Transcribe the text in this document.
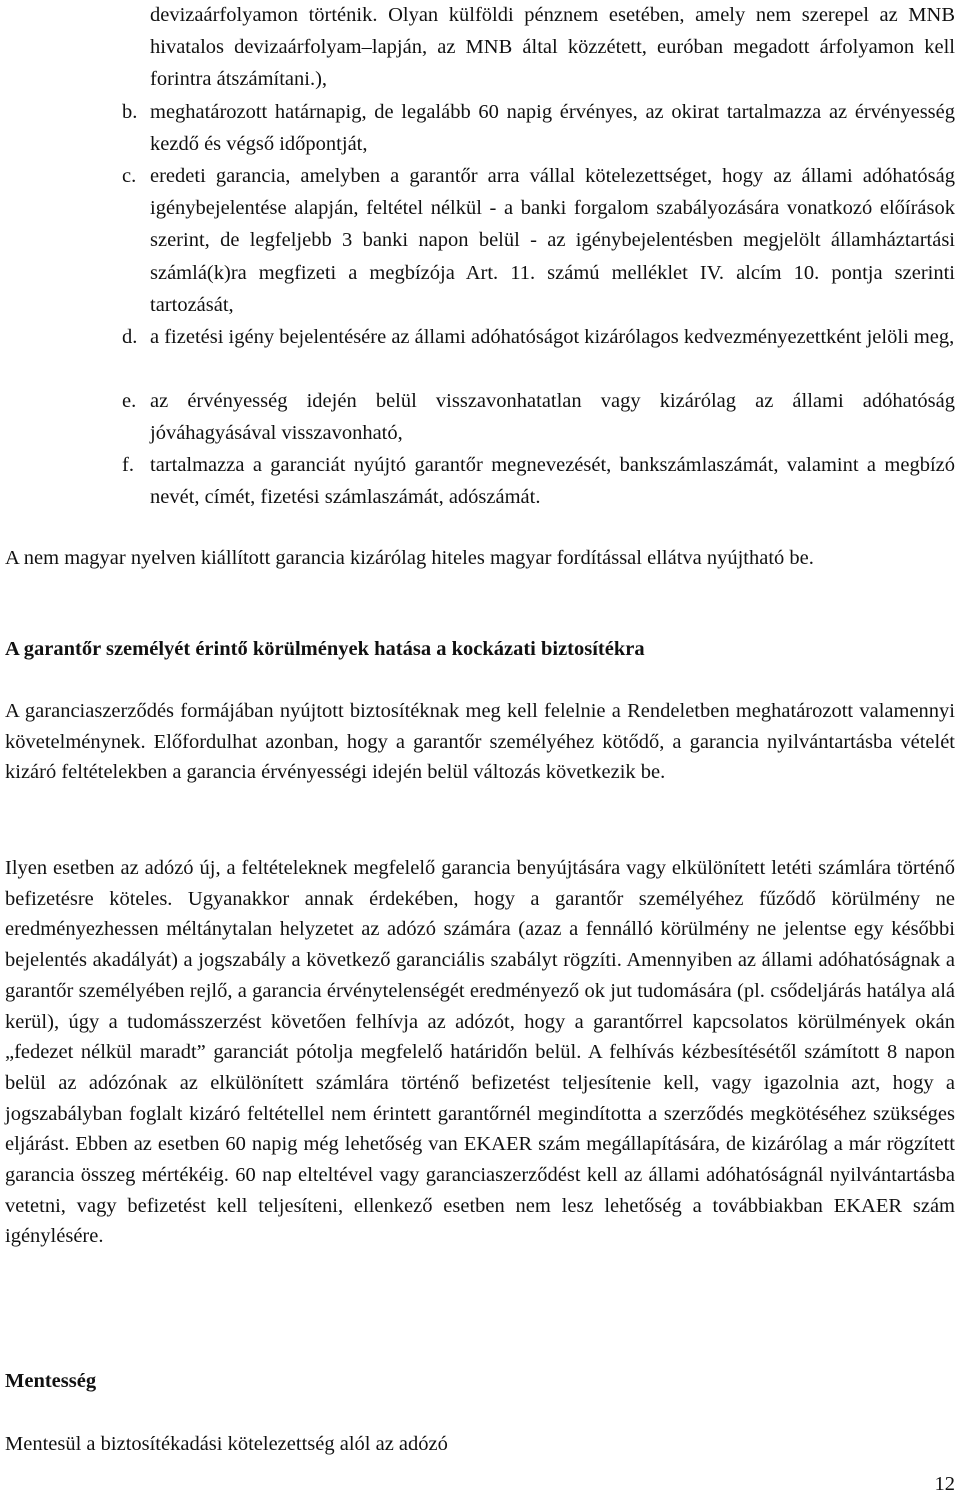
devizaárfolyamon történik. Olyan külföldi pénznem esetében, amely nem szerepel az MNB hivatalos devizaárfolyam–lapján, az MNB által közzétett, euróban megadott árfolyamon kell forintra átszámítani.),
b. meghatározott határnapig, de legalább 60 napig érvényes, az okirat tartalmazza az érvényesség kezdő és végső időpontját,
c. eredeti garancia, amelyben a garantőr arra vállal kötelezettséget, hogy az állami adóhatóság igénybejelentése alapján, feltétel nélkül - a banki forgalom szabályozására vonatkozó előírások szerint, de legfeljebb 3 banki napon belül - az igénybejelentésben megjelölt államháztartási számlá(k)ra megfizeti a megbízója Art. 11. számú melléklet IV. alcím 10. pontja szerinti tartozását,
d. a fizetési igény bejelentésére az állami adóhatóságot kizárólagos kedvezményezettként jelöli meg,
e. az érvényesség idején belül visszavonhatatlan vagy kizárólag az állami adóhatóság jóváhagyásával visszavonható,
f. tartalmazza a garanciát nyújtó garantőr megnevezését, bankszámlaszámát, valamint a megbízó nevét, címét, fizetési számlaszámát, adószámát.
A nem magyar nyelven kiállított garancia kizárólag hiteles magyar fordítással ellátva nyújtható be.
A garantőr személyét érintő körülmények hatása a kockázati biztosítékra
A garanciaszerződés formájában nyújtott biztosítéknak meg kell felelnie a Rendeletben meghatározott valamennyi követelménynek. Előfordulhat azonban, hogy a garantőr személyéhez kötődő, a garancia nyilvántartásba vételét kizáró feltételekben a garancia érvényességi idején belül változás következik be.
Ilyen esetben az adózó új, a feltételeknek megfelelő garancia benyújtására vagy elkülönített letéti számlára történő befizetésre köteles. Ugyanakkor annak érdekében, hogy a garantőr személyéhez fűződő körülmény ne eredményezhessen méltánytalan helyzetet az adózó számára (azaz a fennálló körülmény ne jelentse egy későbbi bejelentés akadályát) a jogszabály a következő garanciális szabályt rögzíti. Amennyiben az állami adóhatóságnak a garantőr személyében rejlő, a garancia érvénytelenségét eredményező ok jut tudomására (pl. csődeljárás hatálya alá kerül), úgy a tudomásszerzést követően felhívja az adózót, hogy a garantőrrel kapcsolatos körülmények okán „fedezet nélkül maradt” garanciát pótolja megfelelő határidőn belül. A felhívás kézbesítésétől számított 8 napon belül az adózónak az elkülönített számlára történő befizetést teljesítenie kell, vagy igazolnia azt, hogy a jogszabályban foglalt kizáró feltétellel nem érintett garantőrnél megindította a szerződés megkötéséhez szükséges eljárást. Ebben az esetben 60 napig még lehetőség van EKAER szám megállapítására, de kizárólag a már rögzített garancia összeg mértékéig. 60 nap elteltével vagy garanciaszerződést kell az állami adóhatóságnál nyilvántartásba vetetni, vagy befizetést kell teljesíteni, ellenkező esetben nem lesz lehetőség a továbbiakban EKAER szám igénylésére.
Mentesség
Mentesül a biztosítékadási kötelezettség alól az adózó
12
